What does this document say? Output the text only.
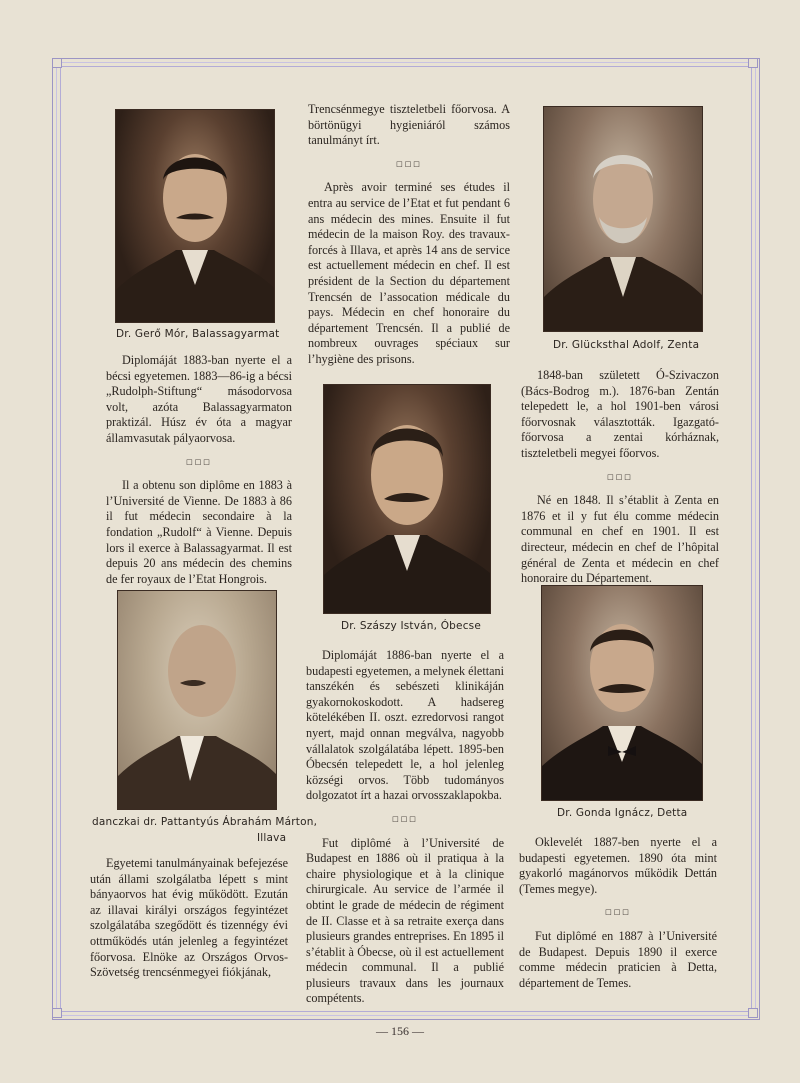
Dr. Gerő Mór, Balassagyarmat

Diplomáját 1883-ban nyerte el a bécsi egyetemen. 1883—86-ig a bécsi „Rudolph-Stiftung“ másodorvosa volt, azóta Balassagyarmaton praktizál. Húsz év óta a magyar államvasutak pályaorvosa.

□□□

Il a obtenu son diplôme en 1883 à l’Université de Vienne. De 1883 à 86 il fut médecin secondaire à la fondation „Rudolf“ à Vienne. Depuis lors il exerce à Balassagyarmat. Il est depuis 20 ans médecin des chemins de fer royaux de l’Etat Hongrois.

Trencsénmegye tiszteletbeli főorvosa. A börtönügyi hygieniáról számos tanulmányt írt.

□□□

Après avoir terminé ses études il entra au service de l’Etat et fut pendant 6 ans médecin des mines. Ensuite il fut médecin de la maison Roy. des travaux-forcés à Illava, et après 14 ans de service est actuellement médecin en chef. Il est président de la Section du département Trencsén de l’assocation médicale du pays. Médecin en chef honoraire du département Trencsén. Il a publié de nombreux ouvrages spéciaux sur l’hygiène des prisons.

Dr. Glücksthal Adolf, Zenta

1848-ban született Ó-Szivaczon (Bács-Bodrog m.). 1876-ban Zentán telepedett le, a hol 1901-ben városi főorvosnak választották. Igazgató-főorvosa a zentai kórháznak, tiszteletbeli megyei főorvos.

□□□

Né en 1848. Il s’établit à Zenta en 1876 et il y fut élu comme médecin communal en chef en 1901. Il est directeur, médecin en chef de l’hôpital général de Zenta et médecin en chef honoraire du Département.

Dr. Szászy István, Óbecse

Diplomáját 1886-ban nyerte el a budapesti egyetemen, a melynek élettani tanszékén és sebészeti klinikáján gyakornokoskodott. A hadsereg kötelékében II. oszt. ezredorvosi rangot nyert, majd onnan megválva, nagyobb vállalatok szolgálatába lépett. 1895-ben Óbecsén telepedett le, a hol jelenleg községi orvos. Több tudományos dolgozatot írt a hazai orvosszaklapokba.

□□□

Fut diplômé à l’Université de Budapest en 1886 où il pratiqua à la chaire physiologique et à la clinique chirurgicale. Au service de l’armée il obtint le grade de médecin de régiment de II. Classe et à sa retraite exerça dans plusieurs grandes entreprises. En 1895 il s’établit à Óbecse, où il est actuellement médecin communal. Il a publié plusieurs travaux dans les journaux compétents.

danczkai dr. Pattantyús Ábrahám Márton,
Illava

Egyetemi tanulmányainak befejezése után állami szolgálatba lépett s mint bányaorvos hat évig működött. Ezután az illavai királyi országos fegyintézet szolgálatába szegődött és tizennégy évi ottműködés után jelenleg a fegyintézet főorvosa. Elnöke az Országos Orvos-Szövetség trencsénmegyei fiókjának,

Dr. Gonda Ignácz, Detta

Oklevelét 1887-ben nyerte el a budapesti egyetemen. 1890 óta mint gyakorló magánorvos működik Dettán (Temes megye).

□□□

Fut diplômé en 1887 à l’Université de Budapest. Depuis 1890 il exerce comme médecin praticien à Detta, département de Temes.

— 156 —
